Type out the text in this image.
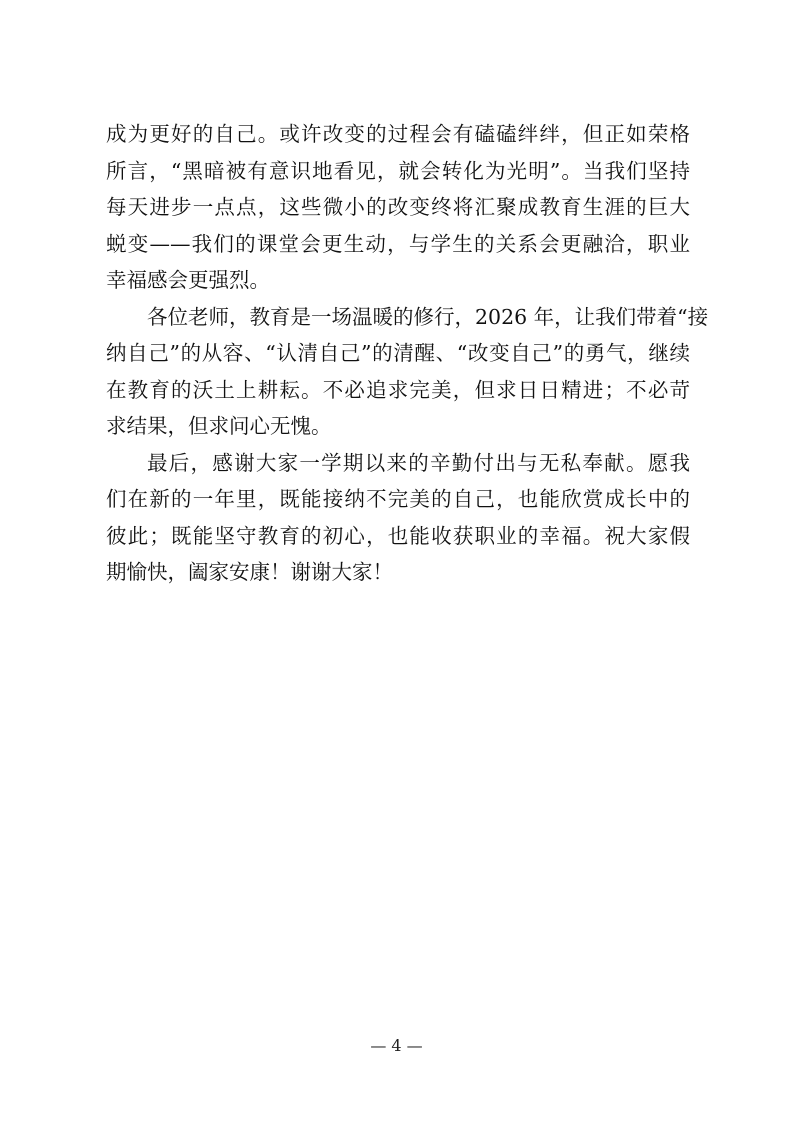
成为更好的自己。或许改变的过程会有磕磕绊绊，但正如荣格
所言，“黑暗被有意识地看见，就会转化为光明”。当我们坚持
每天进步一点点，这些微小的改变终将汇聚成教育生涯的巨大
蜕变——我们的课堂会更生动，与学生的关系会更融洽，职业
幸福感会更强烈。
各位老师，教育是一场温暖的修行，2026 年，让我们带着“接
纳自己”的从容、“认清自己”的清醒、“改变自己”的勇气，继续
在教育的沃土上耕耘。不必追求完美，但求日日精进；不必苛
求结果，但求问心无愧。
最后，感谢大家一学期以来的辛勤付出与无私奉献。愿我
们在新的一年里，既能接纳不完美的自己，也能欣赏成长中的
彼此；既能坚守教育的初心，也能收获职业的幸福。祝大家假
期愉快，阖家安康！谢谢大家！
— 4 —
